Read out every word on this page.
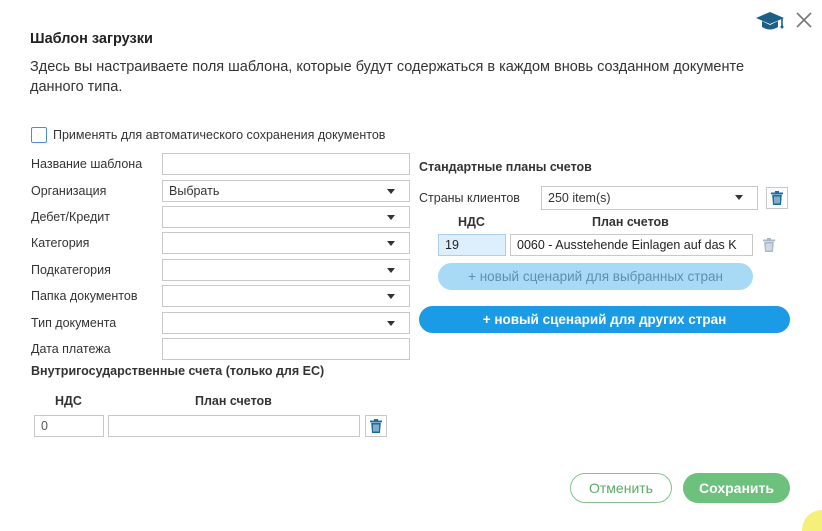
Шаблон загрузки
Здесь вы настраиваете поля шаблона, которые будут содержаться в каждом вновь созданном документе данного типа.
Применять для автоматического сохранения документов
Название шаблона
Организация	Выбрать
Дебет/Кредит
Категория
Подкатегория
Папка документов
Тип документа
Дата платежа
Внутригосударственные счета (только для ЕС)
НДС	План счетов
0
Стандартные планы счетов
Страны клиентов	250 item(s)
НДС	План счетов
19	0060 - Ausstehende Einlagen auf das K
+ новый сценарий для выбранных стран
+ новый сценарий для других стран
Отменить	Сохранить
